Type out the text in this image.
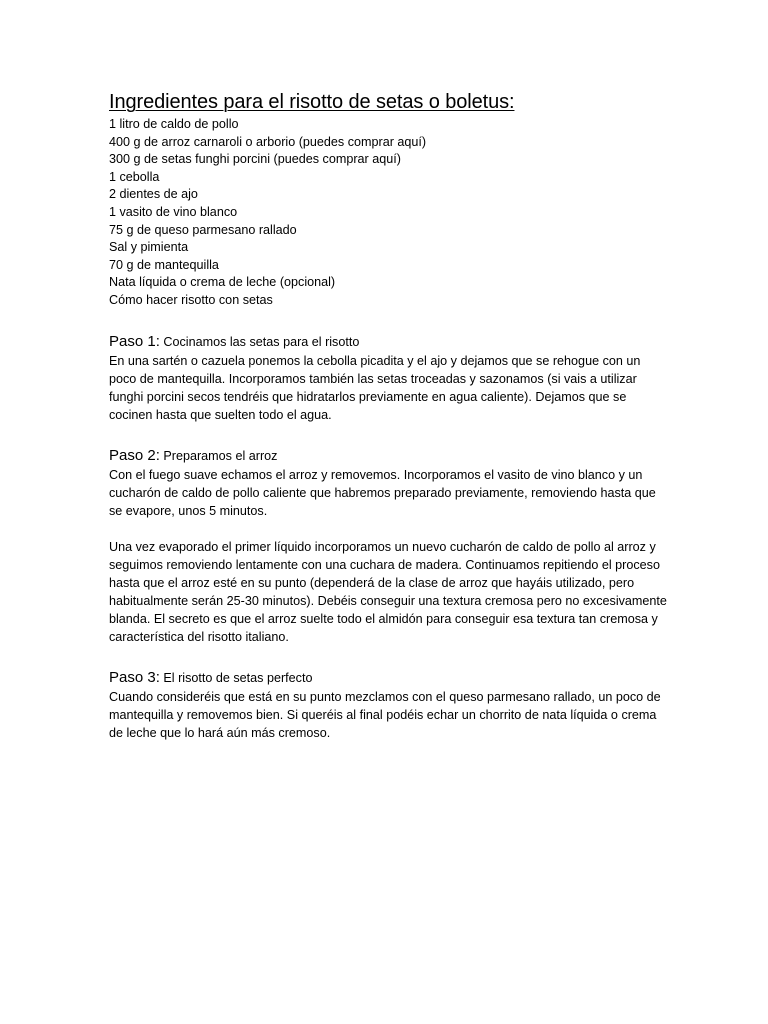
Ingredientes para el risotto de setas o boletus:
1 litro de caldo de pollo
400 g de arroz carnaroli o arborio (puedes comprar aquí)
300 g de setas funghi porcini (puedes comprar aquí)
1 cebolla
2 dientes de ajo
1 vasito de vino blanco
75 g de queso parmesano rallado
Sal y pimienta
70 g de mantequilla
Nata líquida o crema de leche (opcional)
Cómo hacer risotto con setas
Paso 1: Cocinamos las setas para el risotto

En una sartén o cazuela ponemos la cebolla picadita y el ajo y dejamos que se rehogue con un poco de mantequilla. Incorporamos también las setas troceadas y sazonamos (si vais a utilizar funghi porcini secos tendréis que hidratarlos previamente en agua caliente). Dejamos que se cocinen hasta que suelten todo el agua.

Paso 2: Preparamos el arroz

Con el fuego suave echamos el arroz y removemos. Incorporamos el vasito de vino blanco y un cucharón de caldo de pollo caliente que habremos preparado previamente, removiendo hasta que se evapore, unos 5 minutos.

Una vez evaporado el primer líquido incorporamos un nuevo cucharón de caldo de pollo al arroz y seguimos removiendo lentamente con una cuchara de madera. Continuamos repitiendo el proceso hasta que el arroz esté en su punto (dependerá de la clase de arroz que hayáis utilizado, pero habitualmente serán 25-30 minutos). Debéis conseguir una textura cremosa pero no excesivamente blanda. El secreto es que el arroz suelte todo el almidón para conseguir esa textura tan cremosa y característica del risotto italiano.

Paso 3: El risotto de setas perfecto

Cuando consideréis que está en su punto mezclamos con el queso parmesano rallado, un poco de mantequilla y removemos bien. Si queréis al final podéis echar un chorrito de nata líquida o crema de leche que lo hará aún más cremoso.
